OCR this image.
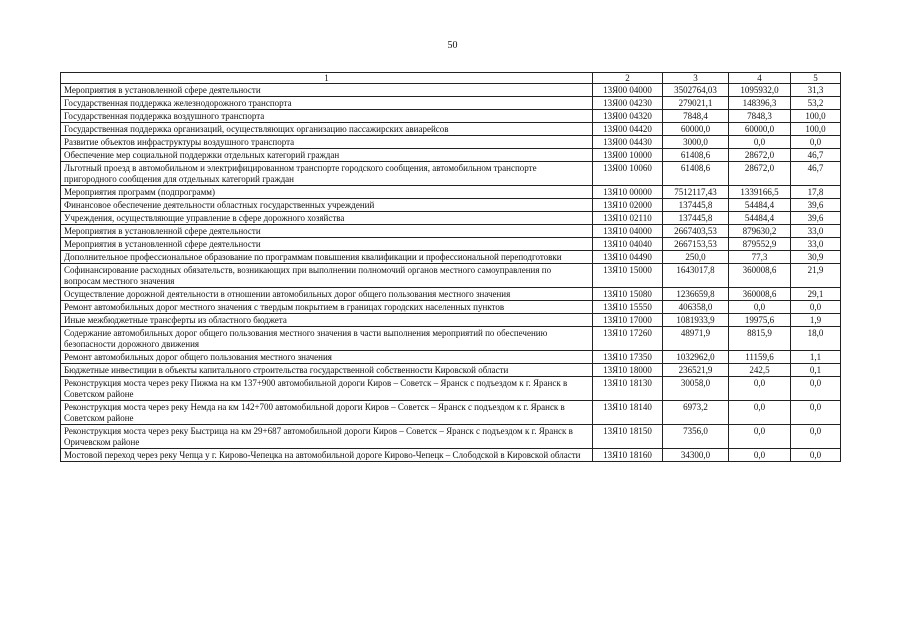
50
1	2	3	4	5
Мероприятия в установленной сфере деятельности	13Я00 04000	3502764,03	1095932,0	31,3
Государственная поддержка железнодорожного транспорта	13Я00 04230	279021,1	148396,3	53,2
Государственная поддержка воздушного транспорта	13Я00 04320	7848,4	7848,3	100,0
Государственная поддержка организаций, осуществляющих организацию пассажирских авиарейсов	13Я00 04420	60000,0	60000,0	100,0
Развитие объектов инфраструктуры воздушного транспорта	13Я00 04430	3000,0	0,0	0,0
Обеспечение мер социальной поддержки отдельных категорий граждан	13Я00 10000	61408,6	28672,0	46,7
Льготный проезд в автомобильном и электрифицированном транспорте городского сообщения, автомобильном транспорте пригородного сообщения для отдельных категорий граждан	13Я00 10060	61408,6	28672,0	46,7
Мероприятия программ (подпрограмм)	13Я10 00000	7512117,43	1339166,5	17,8
Финансовое обеспечение деятельности областных государственных учреждений	13Я10 02000	137445,8	54484,4	39,6
Учреждения, осуществляющие управление в сфере дорожного хозяйства	13Я10 02110	137445,8	54484,4	39,6
Мероприятия в установленной сфере деятельности	13Я10 04000	2667403,53	879630,2	33,0
Мероприятия в установленной сфере деятельности	13Я10 04040	2667153,53	879552,9	33,0
Дополнительное профессиональное образование по программам повышения квалификации и профессиональной переподготовки	13Я10 04490	250,0	77,3	30,9
Софинансирование расходных обязательств, возникающих при выполнении полномочий органов местного самоуправления по вопросам местного значения	13Я10 15000	1643017,8	360008,6	21,9
Осуществление дорожной деятельности в отношении автомобильных дорог общего пользования местного значения	13Я10 15080	1236659,8	360008,6	29,1
Ремонт автомобильных дорог местного значения с твердым покрытием в границах городских населенных пунктов	13Я10 15550	406358,0	0,0	0,0
Иные межбюджетные трансферты из областного бюджета	13Я10 17000	1081933,9	19975,6	1,9
Содержание автомобильных дорог общего пользования местного значения в части выполнения мероприятий по обеспечению безопасности дорожного движения	13Я10 17260	48971,9	8815,9	18,0
Ремонт автомобильных дорог общего пользования местного значения	13Я10 17350	1032962,0	11159,6	1,1
Бюджетные инвестиции в объекты капитального строительства государственной собственности Кировской области	13Я10 18000	236521,9	242,5	0,1
Реконструкция моста через реку Пижма на км 137+900 автомобильной дороги Киров – Советск – Яранск с подъездом к г. Яранск в Советском районе	13Я10 18130	30058,0	0,0	0,0
Реконструкция моста через реку Немда на км 142+700 автомобильной дороги Киров – Советск – Яранск с подъездом к г. Яранск в Советском районе	13Я10 18140	6973,2	0,0	0,0
Реконструкция моста через реку Быстрица на км 29+687 автомобильной дороги Киров – Советск – Яранск с подъездом к г. Яранск в Оричевском районе	13Я10 18150	7356,0	0,0	0,0
Мостовой переход через реку Чепца у г. Кирово-Чепецка на автомобильной дороге Кирово-Чепецк – Слободской в Кировской области	13Я10 18160	34300,0	0,0	0,0
